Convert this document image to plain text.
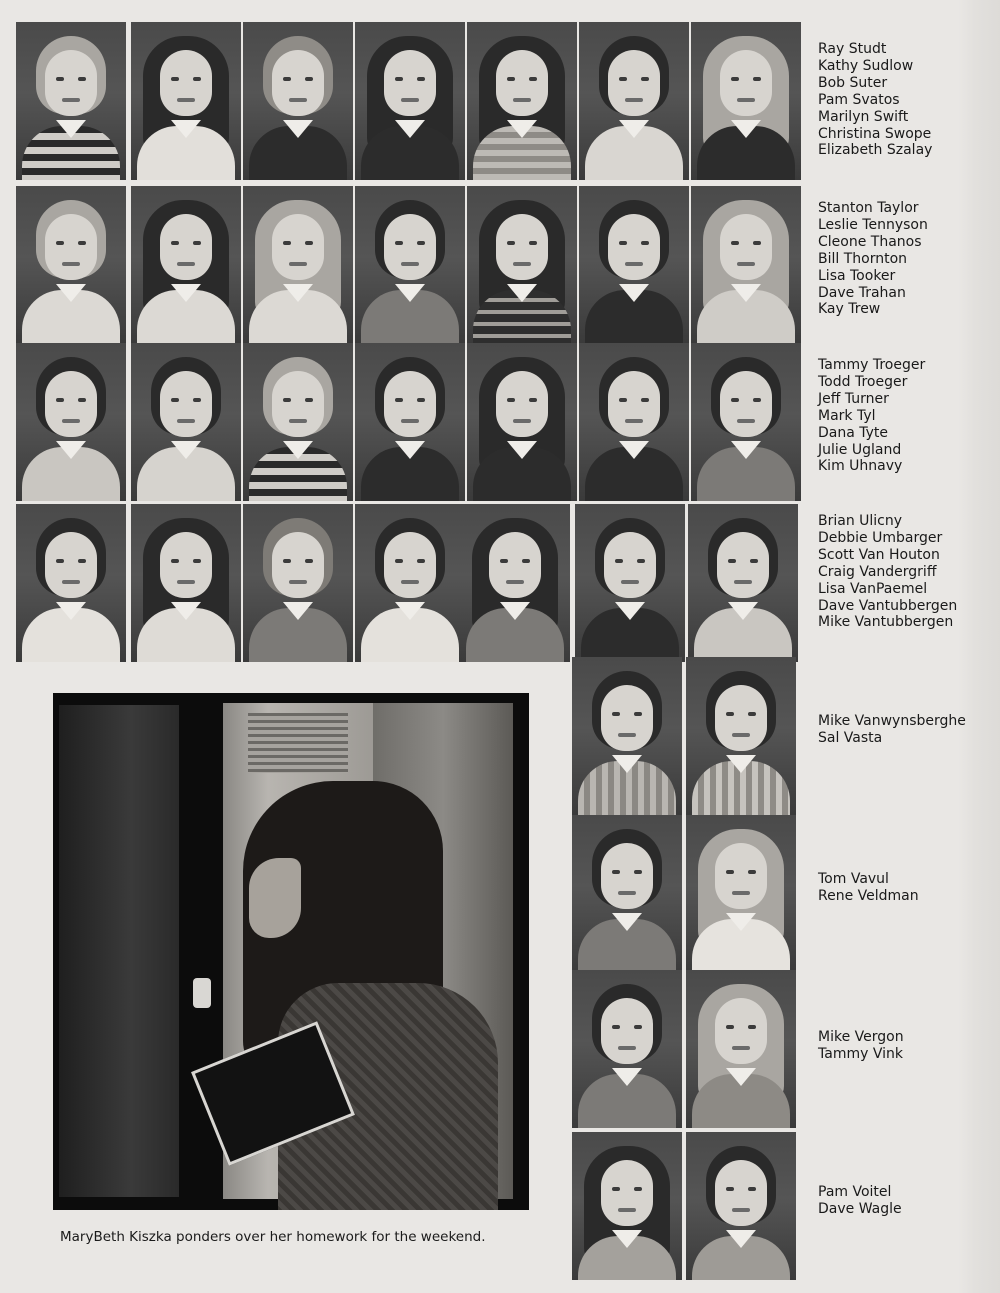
Ray Studt
Kathy Sudlow
Bob Suter
Pam Svatos
Marilyn Swift
Christina Swope
Elizabeth Szalay
Stanton Taylor
Leslie Tennyson
Cleone Thanos
Bill Thornton
Lisa Tooker
Dave Trahan
Kay Trew
Tammy Troeger
Todd Troeger
Jeff Turner
Mark Tyl
Dana Tyte
Julie Ugland
Kim Uhnavy
Brian Ulicny
Debbie Umbarger
Scott Van Houton
Craig Vandergriff
Lisa VanPaemel
Dave Vantubbergen
Mike Vantubbergen
Mike Vanwynsberghe
Sal Vasta
Tom Vavul
Rene Veldman
Mike Vergon
Tammy Vink
Pam Voitel
Dave Wagle

MaryBeth Kiszka ponders over her homework for the weekend.
